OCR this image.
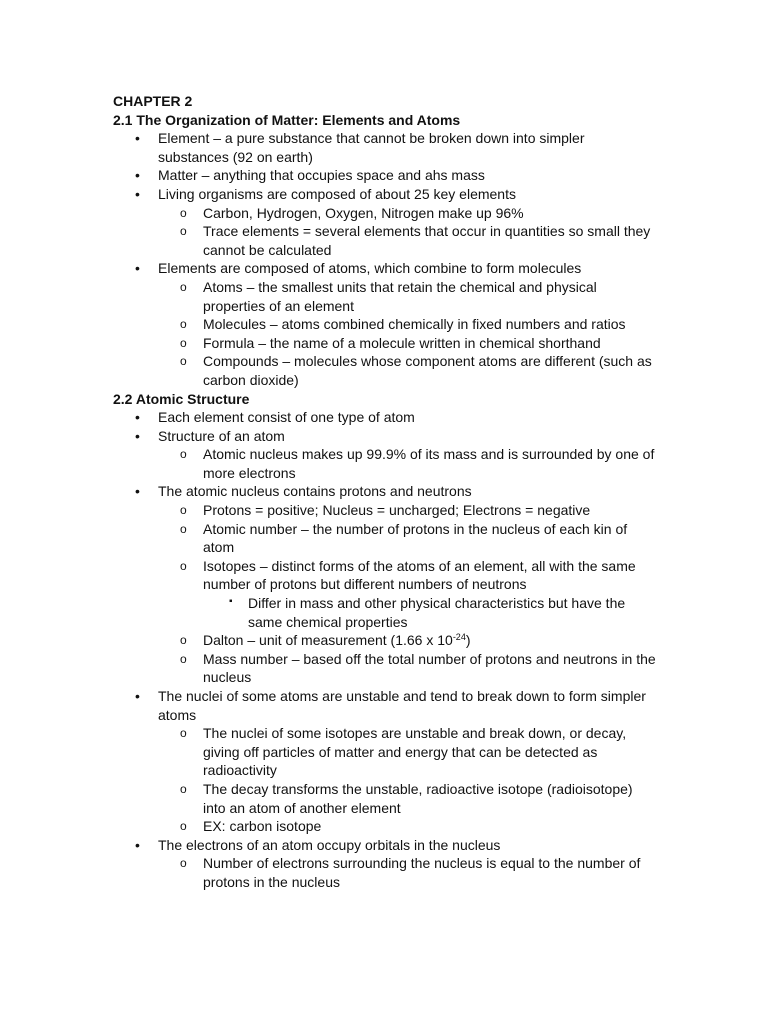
CHAPTER 2

2.1 The Organization of Matter: Elements and Atoms

• Element – a pure substance that cannot be broken down into simpler substances (92 on earth)
• Matter – anything that occupies space and ahs mass
• Living organisms are composed of about 25 key elements
o Carbon, Hydrogen, Oxygen, Nitrogen make up 96%
o Trace elements = several elements that occur in quantities so small they cannot be calculated
• Elements are composed of atoms, which combine to form molecules
o Atoms – the smallest units that retain the chemical and physical properties of an element
o Molecules – atoms combined chemically in fixed numbers and ratios
o Formula – the name of a molecule written in chemical shorthand
o Compounds – molecules whose component atoms are different (such as carbon dioxide)

2.2 Atomic Structure

• Each element consist of one type of atom
• Structure of an atom
o Atomic nucleus makes up 99.9% of its mass and is surrounded by one of more electrons
• The atomic nucleus contains protons and neutrons
o Protons = positive; Nucleus = uncharged; Electrons = negative
o Atomic number – the number of protons in the nucleus of each kin of atom
o Isotopes – distinct forms of the atoms of an element, all with the same number of protons but different numbers of neutrons
▪ Differ in mass and other physical characteristics but have the same chemical properties
o Dalton – unit of measurement (1.66 x $10^{-24}$)
o Mass number – based off the total number of protons and neutrons in the nucleus
• The nuclei of some atoms are unstable and tend to break down to form simpler atoms
o The nuclei of some isotopes are unstable and break down, or decay, giving off particles of matter and energy that can be detected as radioactivity
o The decay transforms the unstable, radioactive isotope (radioisotope) into an atom of another element
o EX: carbon isotope
• The electrons of an atom occupy orbitals in the nucleus
o Number of electrons surrounding the nucleus is equal to the number of protons in the nucleus
